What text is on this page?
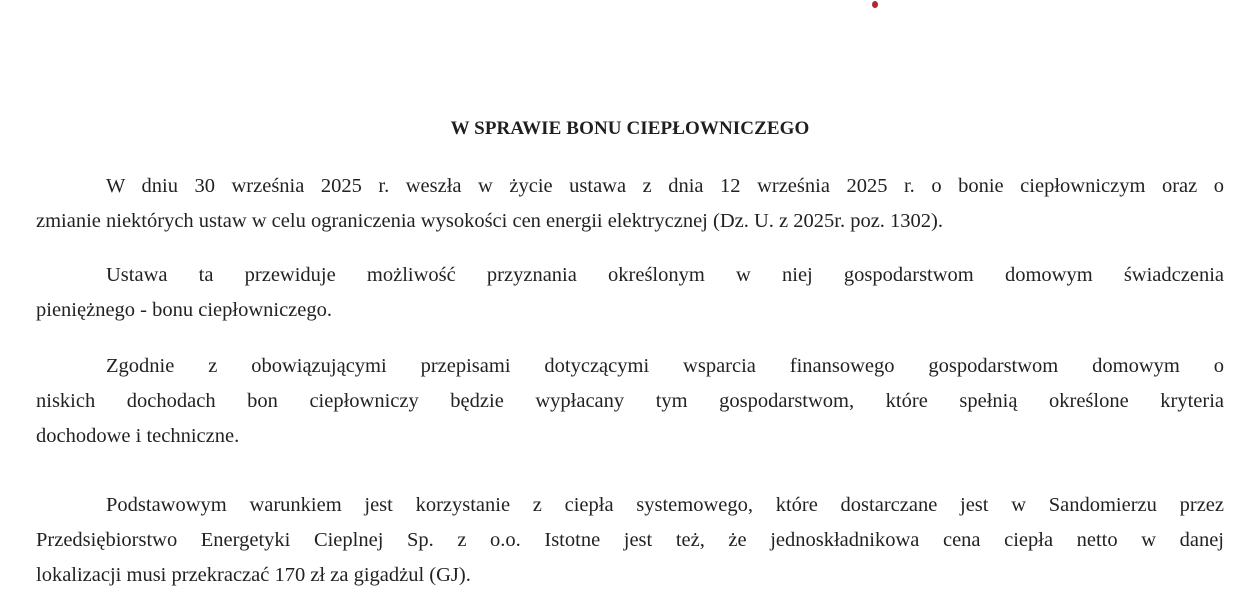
W SPRAWIE BONU CIEPŁOWNICZEGO
W dniu 30 września 2025 r. weszła w życie ustawa z dnia 12 września 2025 r. o bonie ciepłowniczym oraz o
zmianie niektórych ustaw w celu ograniczenia wysokości cen energii elektrycznej (Dz. U. z 2025r. poz. 1302).
Ustawa ta przewiduje możliwość przyznania określonym w niej gospodarstwom domowym świadczenia
pieniężnego - bonu ciepłowniczego.
Zgodnie z obowiązującymi przepisami dotyczącymi wsparcia finansowego gospodarstwom domowym o
niskich dochodach bon ciepłowniczy będzie wypłacany tym gospodarstwom, które spełnią określone kryteria
dochodowe i techniczne.
Podstawowym warunkiem jest korzystanie z ciepła systemowego, które dostarczane jest w Sandomierzu przez
Przedsiębiorstwo Energetyki Cieplnej Sp. z o.o. Istotne jest też, że jednoskładnikowa cena ciepła netto w danej
lokalizacji musi przekraczać 170 zł za gigadżul (GJ).
